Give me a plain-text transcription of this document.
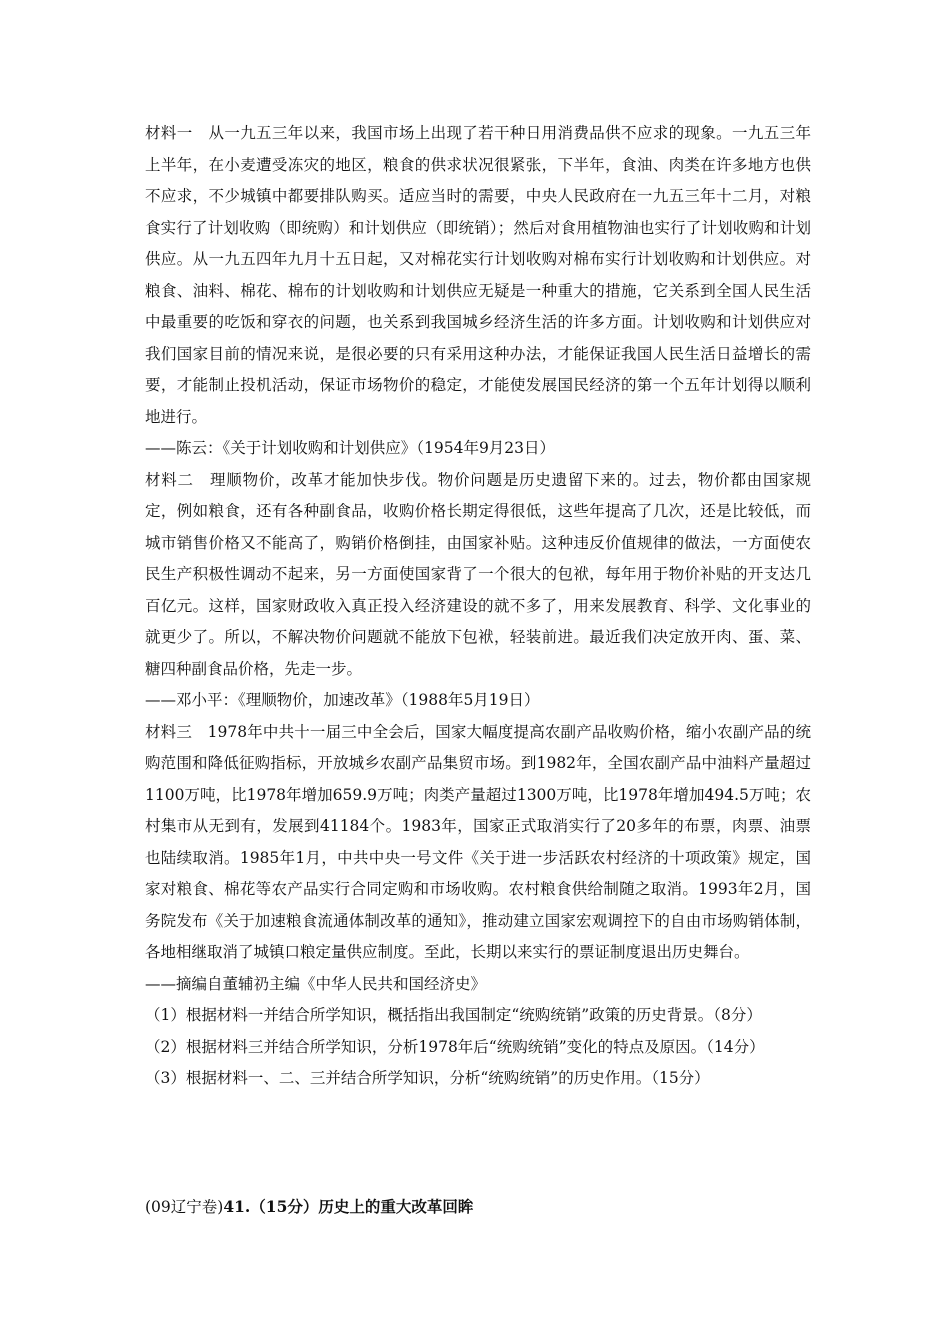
材料一　从一九五三年以来，我国市场上出现了若干种日用消费品供不应求的现象。一九五三年上半年，在小麦遭受冻灾的地区，粮食的供求状况很紧张，下半年，食油、肉类在许多地方也供不应求，不少城镇中都要排队购买。适应当时的需要，中央人民政府在一九五三年十二月，对粮食实行了计划收购（即统购）和计划供应（即统销）；然后对食用植物油也实行了计划收购和计划供应。从一九五四年九月十五日起，又对棉花实行计划收购对棉布实行计划收购和计划供应。对粮食、油料、棉花、棉布的计划收购和计划供应无疑是一种重大的措施，它关系到全国人民生活中最重要的吃饭和穿衣的问题，也关系到我国城乡经济生活的许多方面。计划收购和计划供应对我们国家目前的情况来说，是很必要的只有采用这种办法，才能保证我国人民生活日益增长的需要，才能制止投机活动，保证市场物价的稳定，才能使发展国民经济的第一个五年计划得以顺利地进行。

——陈云：《关于计划收购和计划供应》（1954年9月23日）

材料二　理顺物价，改革才能加快步伐。物价问题是历史遗留下来的。过去，物价都由国家规定，例如粮食，还有各种副食品，收购价格长期定得很低，这些年提高了几次，还是比较低，而城市销售价格又不能高了，购销价格倒挂，由国家补贴。这种违反价值规律的做法，一方面使农民生产积极性调动不起来，另一方面使国家背了一个很大的包袱，每年用于物价补贴的开支达几百亿元。这样，国家财政收入真正投入经济建设的就不多了，用来发展教育、科学、文化事业的就更少了。所以，不解决物价问题就不能放下包袱，轻装前进。最近我们决定放开肉、蛋、菜、糖四种副食品价格，先走一步。

——邓小平：《理顺物价，加速改革》（1988年5月19日）

材料三　1978年中共十一届三中全会后，国家大幅度提高农副产品收购价格，缩小农副产品的统购范围和降低征购指标，开放城乡农副产品集贸市场。到1982年，全国农副产品中油料产量超过1100万吨，比1978年增加659.9万吨；肉类产量超过1300万吨，比1978年增加494.5万吨；农村集市从无到有，发展到41184个。1983年，国家正式取消实行了20多年的布票，肉票、油票也陆续取消。1985年1月，中共中央一号文件《关于进一步活跃农村经济的十项政策》规定，国家对粮食、棉花等农产品实行合同定购和市场收购。农村粮食供给制随之取消。1993年2月，国务院发布《关于加速粮食流通体制改革的通知》，推动建立国家宏观调控下的自由市场购销体制，各地相继取消了城镇口粮定量供应制度。至此，长期以来实行的票证制度退出历史舞台。

——摘编自董辅礽主编《中华人民共和国经济史》

（1）根据材料一并结合所学知识，概括指出我国制定“统购统销”政策的历史背景。（8分）
（2）根据材料三并结合所学知识，分析1978年后“统购统销”变化的特点及原因。（14分）
（3）根据材料一、二、三并结合所学知识，分析“统购统销”的历史作用。（15分）
(09辽宁卷)41.（15分）历史上的重大改革回眸
